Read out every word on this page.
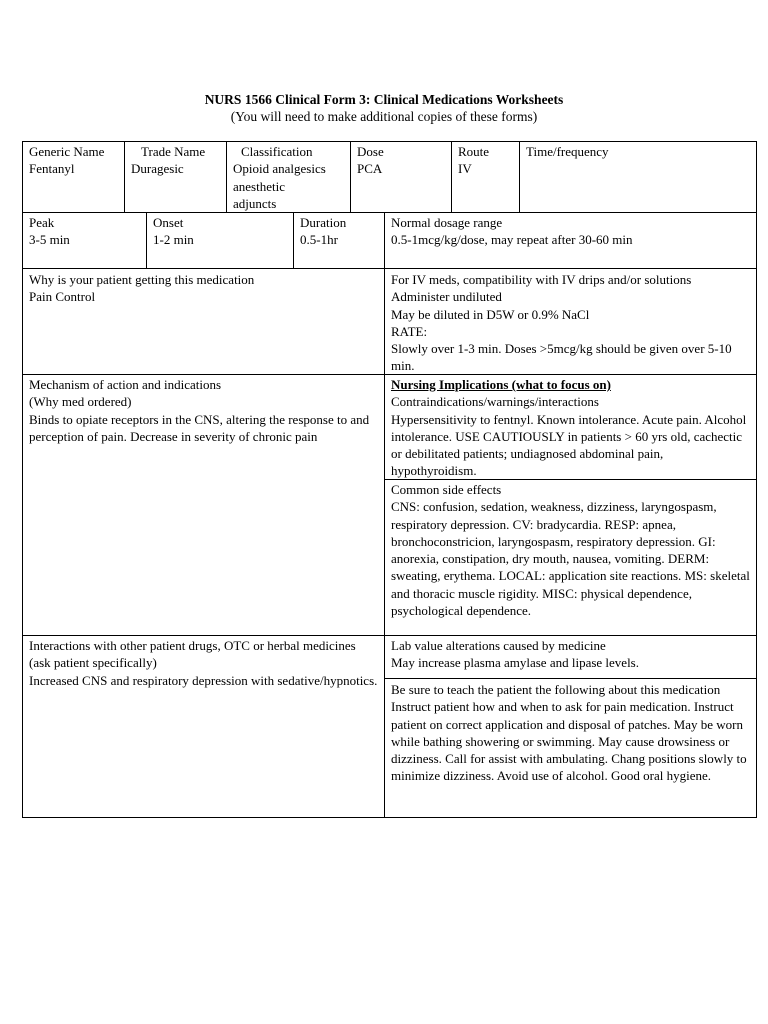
NURS 1566 Clinical Form 3: Clinical Medications Worksheets
(You will need to make additional copies of these forms)
Generic Name
Fentanyl
Trade Name
Duragesic
Classification
Opioid analgesics
anesthetic
adjuncts
Dose
PCA
Route
IV
Time/frequency
Peak
3-5 min
Onset
1-2 min
Duration
0.5-1hr
Normal dosage range
0.5-1mcg/kg/dose, may repeat after 30-60 min
Why is your patient getting this medication
Pain Control
For IV meds, compatibility with IV drips and/or solutions
Administer undiluted
May be diluted in D5W or 0.9% NaCl
RATE:
Slowly over 1-3 min. Doses >5mcg/kg should be given over 5-10 min.
Mechanism of action and indications
(Why med ordered)
Binds to opiate receptors in the CNS, altering the response to and perception of pain. Decrease in severity of chronic pain
Nursing Implications (what to focus on)
Contraindications/warnings/interactions
Hypersensitivity to fentnyl. Known intolerance. Acute pain. Alcohol intolerance. USE CAUTIOUSLY in patients > 60 yrs old, cachectic or debilitated patients; undiagnosed abdominal pain, hypothyroidism.
Common side effects
CNS: confusion, sedation, weakness, dizziness, laryngospasm, respiratory depression. CV: bradycardia. RESP: apnea, bronchoconstricion, laryngospasm, respiratory depression. GI: anorexia, constipation, dry mouth, nausea, vomiting. DERM: sweating, erythema. LOCAL: application site reactions. MS: skeletal and thoracic muscle rigidity. MISC: physical dependence, psychological dependence.
Interactions with other patient drugs, OTC or herbal medicines (ask patient specifically)
Increased CNS and respiratory depression with sedative/hypnotics.
Lab value alterations caused by medicine
May increase plasma amylase and lipase levels.
Be sure to teach the patient the following about this medication
Instruct patient how and when to ask for pain medication. Instruct patient on correct application and disposal of patches. May be worn while bathing showering or swimming. May cause drowsiness or dizziness. Call for assist with ambulating. Chang positions slowly to minimize dizziness. Avoid use of alcohol. Good oral hygiene.
